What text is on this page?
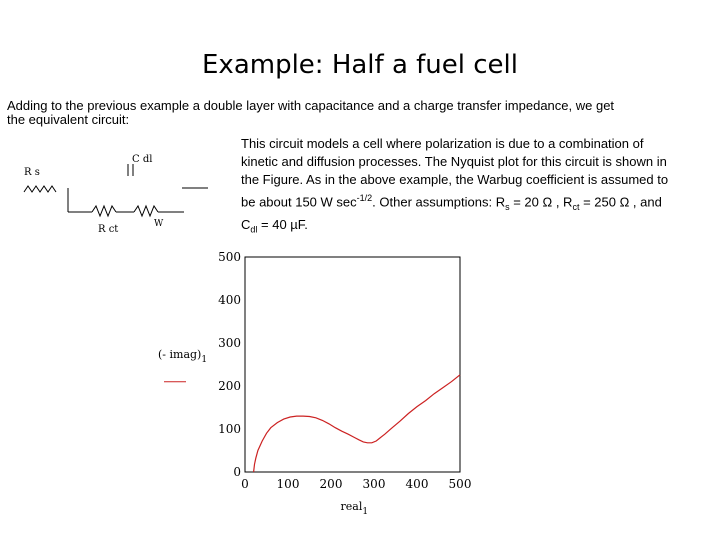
Example: Half a fuel cell
Adding to the previous example a double layer with capacitance and a charge transfer impedance, we get
the equivalent circuit:
This circuit models a cell where polarization is due to a combination of
kinetic and diffusion processes. The Nyquist plot for this circuit is shown in
the Figure. As in the above example, the Warbug coefficient is assumed to
be about 150 W $\sec^{-1/2}$. Other assumptions: $R_s = 20$ Ω , $R_{ct} = 250$ Ω , and
$C_{dl} = 40$ µF.
R s
C dl
R ct	W
0
100
200
300
400
500
0 100 200 300 400 500
(- $imag)_1$
real$_1$
